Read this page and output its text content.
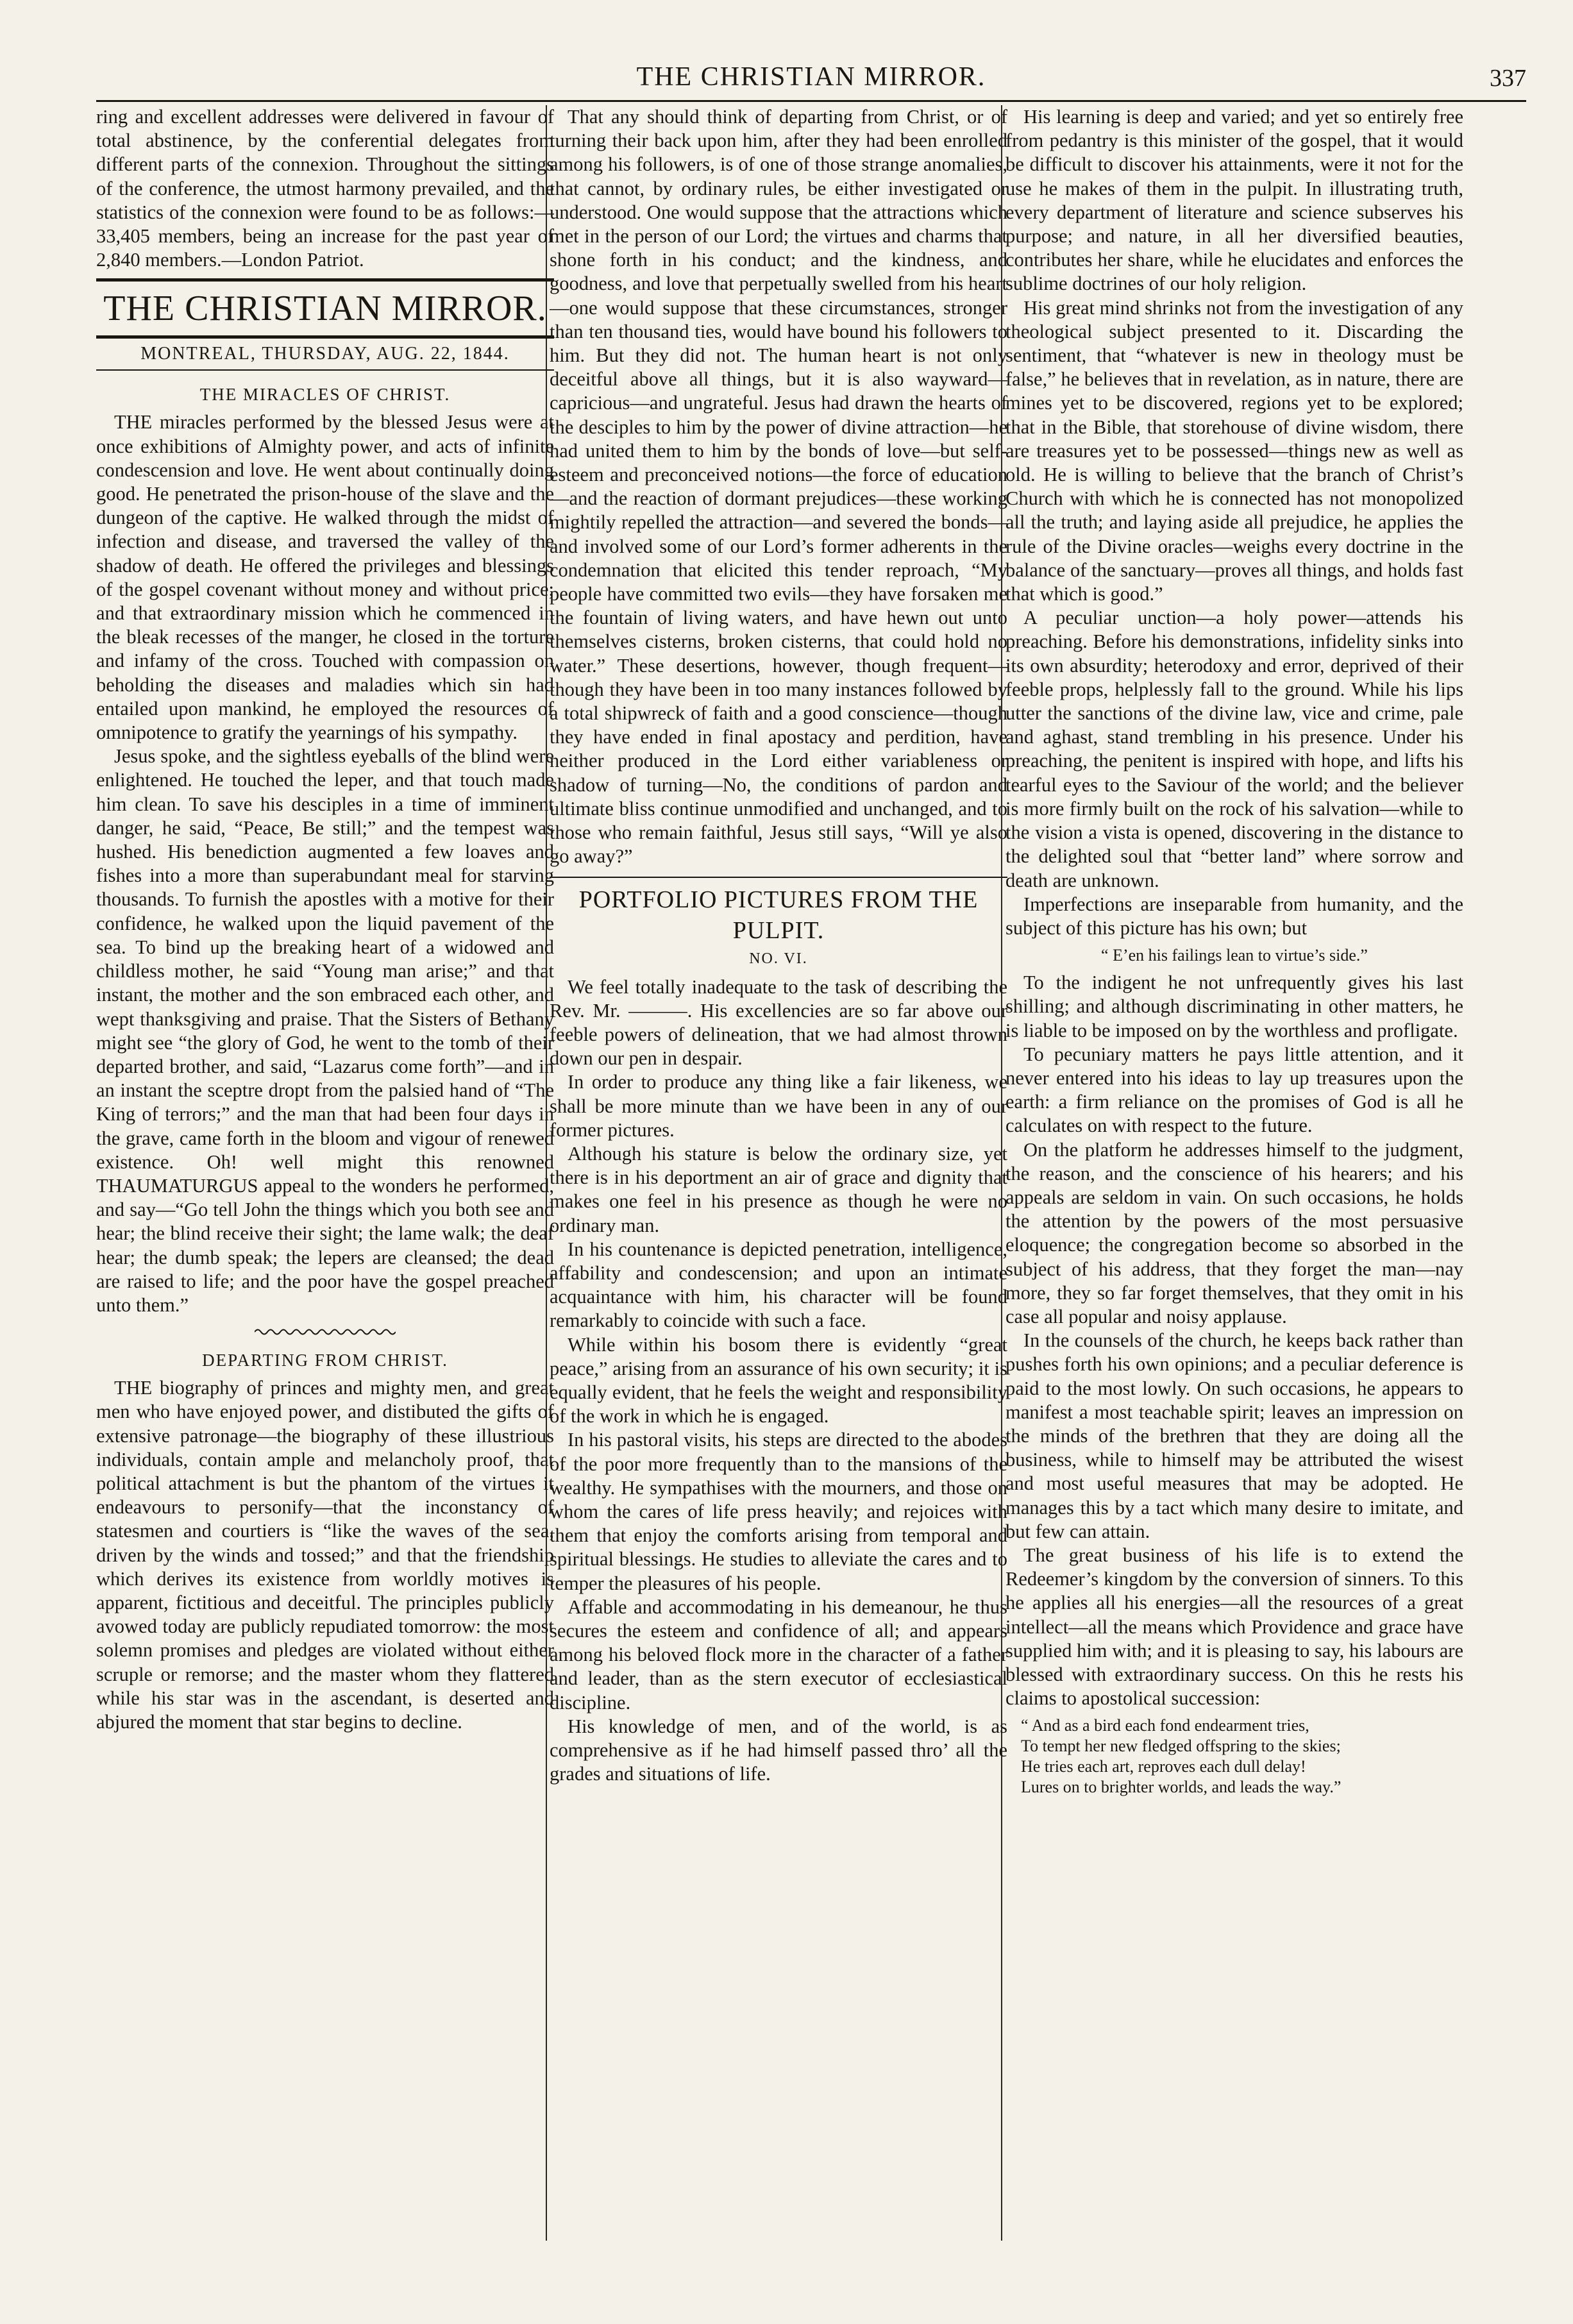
THE CHRISTIAN MIRROR.	337

ring and excellent addresses were delivered in favour of total abstinence, by the conferential delegates from different parts of the connexion. Throughout the sittings of the conference, the utmost harmony prevailed, and the statistics of the connexion were found to be as follows:—33,405 members, being an increase for the past year of 2,840 members.—London Patriot.

THE CHRISTIAN MIRROR.
MONTREAL, THURSDAY, AUG. 22, 1844.
THE MIRACLES OF CHRIST.

THE miracles performed by the blessed Jesus were at once exhibitions of Almighty power, and acts of infinite condescension and love. He went about continually doing good. He penetrated the prison-house of the slave and the dungeon of the captive. He walked through the midst of infection and disease, and traversed the valley of the shadow of death. He offered the privileges and blessings of the gospel covenant without money and without price; and that extraordinary mission which he commenced in the bleak recesses of the manger, he closed in the torture and infamy of the cross. Touched with compassion on beholding the diseases and maladies which sin had entailed upon mankind, he employed the resources of omnipotence to gratify the yearnings of his sympathy.

Jesus spoke, and the sightless eyeballs of the blind were enlightened. He touched the leper, and that touch made him clean. To save his desciples in a time of imminent danger, he said, “Peace, Be still;” and the tempest was hushed. His benediction augmented a few loaves and fishes into a more than superabundant meal for starving thousands. To furnish the apostles with a motive for their confidence, he walked upon the liquid pavement of the sea. To bind up the breaking heart of a widowed and childless mother, he said “Young man arise;” and that instant, the mother and the son embraced each other, and wept thanksgiving and praise. That the Sisters of Bethany might see “the glory of God, he went to the tomb of their departed brother, and said, “Lazarus come forth”—and in an instant the sceptre dropt from the palsied hand of “The King of terrors;” and the man that had been four days in the grave, came forth in the bloom and vigour of renewed existence. Oh! well might this renowned THAUMATURGUS appeal to the wonders he performed, and say—“Go tell John the things which you both see and hear; the blind receive their sight; the lame walk; the deaf hear; the dumb speak; the lepers are cleansed; the dead are raised to life; and the poor have the gospel preached unto them.”

DEPARTING FROM CHRIST.

THE biography of princes and mighty men, and great men who have enjoyed power, and distibuted the gifts of extensive patronage—the biography of these illustrious individuals, contain ample and melancholy proof, that political attachment is but the phantom of the virtues it endeavours to personify—that the inconstancy of statesmen and courtiers is “like the waves of the sea, driven by the winds and tossed;” and that the friendship which derives its existence from worldly motives is apparent, fictitious and deceitful. The principles publicly avowed today are publicly repudiated tomorrow: the most solemn promises and pledges are violated without either scruple or remorse; and the master whom they flattered while his star was in the ascendant, is deserted and abjured the moment that star begins to decline.

That any should think of departing from Christ, or of turning their back upon him, after they had been enrolled among his followers, is of one of those strange anomalies, that cannot, by ordinary rules, be either investigated or understood. One would suppose that the attractions which met in the person of our Lord; the virtues and charms that shone forth in his conduct; and the kindness, and goodness, and love that perpetually swelled from his heart—one would suppose that these circumstances, stronger than ten thousand ties, would have bound his followers to him. But they did not. The human heart is not only deceitful above all things, but it is also wayward—capricious—and ungrateful. Jesus had drawn the hearts of the desciples to him by the power of divine attraction—he had united them to him by the bonds of love—but self-esteem and preconceived notions—the force of education—and the reaction of dormant prejudices—these working mightily repelled the attraction—and severed the bonds—and involved some of our Lord’s former adherents in the condemnation that elicited this tender reproach, “My people have committed two evils—they have forsaken me the fountain of living waters, and have hewn out unto themselves cisterns, broken cisterns, that could hold no water.” These desertions, however, though frequent—though they have been in too many instances followed by a total shipwreck of faith and a good conscience—though they have ended in final apostacy and perdition, have neither produced in the Lord either variableness or shadow of turning—No, the conditions of pardon and ultimate bliss continue unmodified and unchanged, and to those who remain faithful, Jesus still says, “Will ye also go away?”

PORTFOLIO PICTURES FROM THE PULPIT.
NO. VI.

We feel totally inadequate to the task of describing the Rev. Mr. ———. His excellencies are so far above our feeble powers of delineation, that we had almost thrown down our pen in despair.

In order to produce any thing like a fair likeness, we shall be more minute than we have been in any of our former pictures.

Although his stature is below the ordinary size, yet there is in his deportment an air of grace and dignity that makes one feel in his presence as though he were no ordinary man.

In his countenance is depicted penetration, intelligence, affability and condescension; and upon an intimate acquaintance with him, his character will be found remarkably to coincide with such a face.

While within his bosom there is evidently “great peace,” arising from an assurance of his own security; it is equally evident, that he feels the weight and responsibility of the work in which he is engaged.

In his pastoral visits, his steps are directed to the abodes of the poor more frequently than to the mansions of the wealthy. He sympathises with the mourners, and those on whom the cares of life press heavily; and rejoices with them that enjoy the comforts arising from temporal and spiritual blessings. He studies to alleviate the cares and to temper the pleasures of his people.

Affable and accommodating in his demeanour, he thus secures the esteem and confidence of all; and appears among his beloved flock more in the character of a father and leader, than as the stern executor of ecclesiastical discipline.

His knowledge of men, and of the world, is as comprehensive as if he had himself passed thro’ all the grades and situations of life.

His learning is deep and varied; and yet so entirely free from pedantry is this minister of the gospel, that it would be difficult to discover his attainments, were it not for the use he makes of them in the pulpit. In illustrating truth, every department of literature and science subserves his purpose; and nature, in all her diversified beauties, contributes her share, while he elucidates and enforces the sublime doctrines of our holy religion.

His great mind shrinks not from the investigation of any theological subject presented to it. Discarding the sentiment, that “whatever is new in theology must be false,” he believes that in revelation, as in nature, there are mines yet to be discovered, regions yet to be explored; that in the Bible, that storehouse of divine wisdom, there are treasures yet to be possessed—things new as well as old. He is willing to believe that the branch of Christ’s Church with which he is connected has not monopolized all the truth; and laying aside all prejudice, he applies the rule of the Divine oracles—weighs every doctrine in the balance of the sanctuary—proves all things, and holds fast that which is good.”

A peculiar unction—a holy power—attends his preaching. Before his demonstrations, infidelity sinks into its own absurdity; heterodoxy and error, deprived of their feeble props, helplessly fall to the ground. While his lips utter the sanctions of the divine law, vice and crime, pale and aghast, stand trembling in his presence. Under his preaching, the penitent is inspired with hope, and lifts his tearful eyes to the Saviour of the world; and the believer is more firmly built on the rock of his salvation—while to the vision a vista is opened, discovering in the distance to the delighted soul that “better land” where sorrow and death are unknown.

Imperfections are inseparable from humanity, and the subject of this picture has his own; but

“ E’en his failings lean to virtue’s side.”

To the indigent he not unfrequently gives his last shilling; and although discriminating in other matters, he is liable to be imposed on by the worthless and profligate.

To pecuniary matters he pays little attention, and it never entered into his ideas to lay up treasures upon the earth: a firm reliance on the promises of God is all he calculates on with respect to the future.

On the platform he addresses himself to the judgment, the reason, and the conscience of his hearers; and his appeals are seldom in vain. On such occasions, he holds the attention by the powers of the most persuasive eloquence; the congregation become so absorbed in the subject of his address, that they forget the man—nay more, they so far forget themselves, that they omit in his case all popular and noisy applause.

In the counsels of the church, he keeps back rather than pushes forth his own opinions; and a peculiar deference is paid to the most lowly. On such occasions, he appears to manifest a most teachable spirit; leaves an impression on the minds of the brethren that they are doing all the business, while to himself may be attributed the wisest and most useful measures that may be adopted. He manages this by a tact which many desire to imitate, and but few can attain.

The great business of his life is to extend the Redeemer’s kingdom by the conversion of sinners. To this he applies all his energies—all the resources of a great intellect—all the means which Providence and grace have supplied him with; and it is pleasing to say, his labours are blessed with extraordinary success. On this he rests his claims to apostolical succession:

“ And as a bird each fond endearment tries,
To tempt her new fledged offspring to the skies;
He tries each art, reproves each dull delay!
Lures on to brighter worlds, and leads the way.”
